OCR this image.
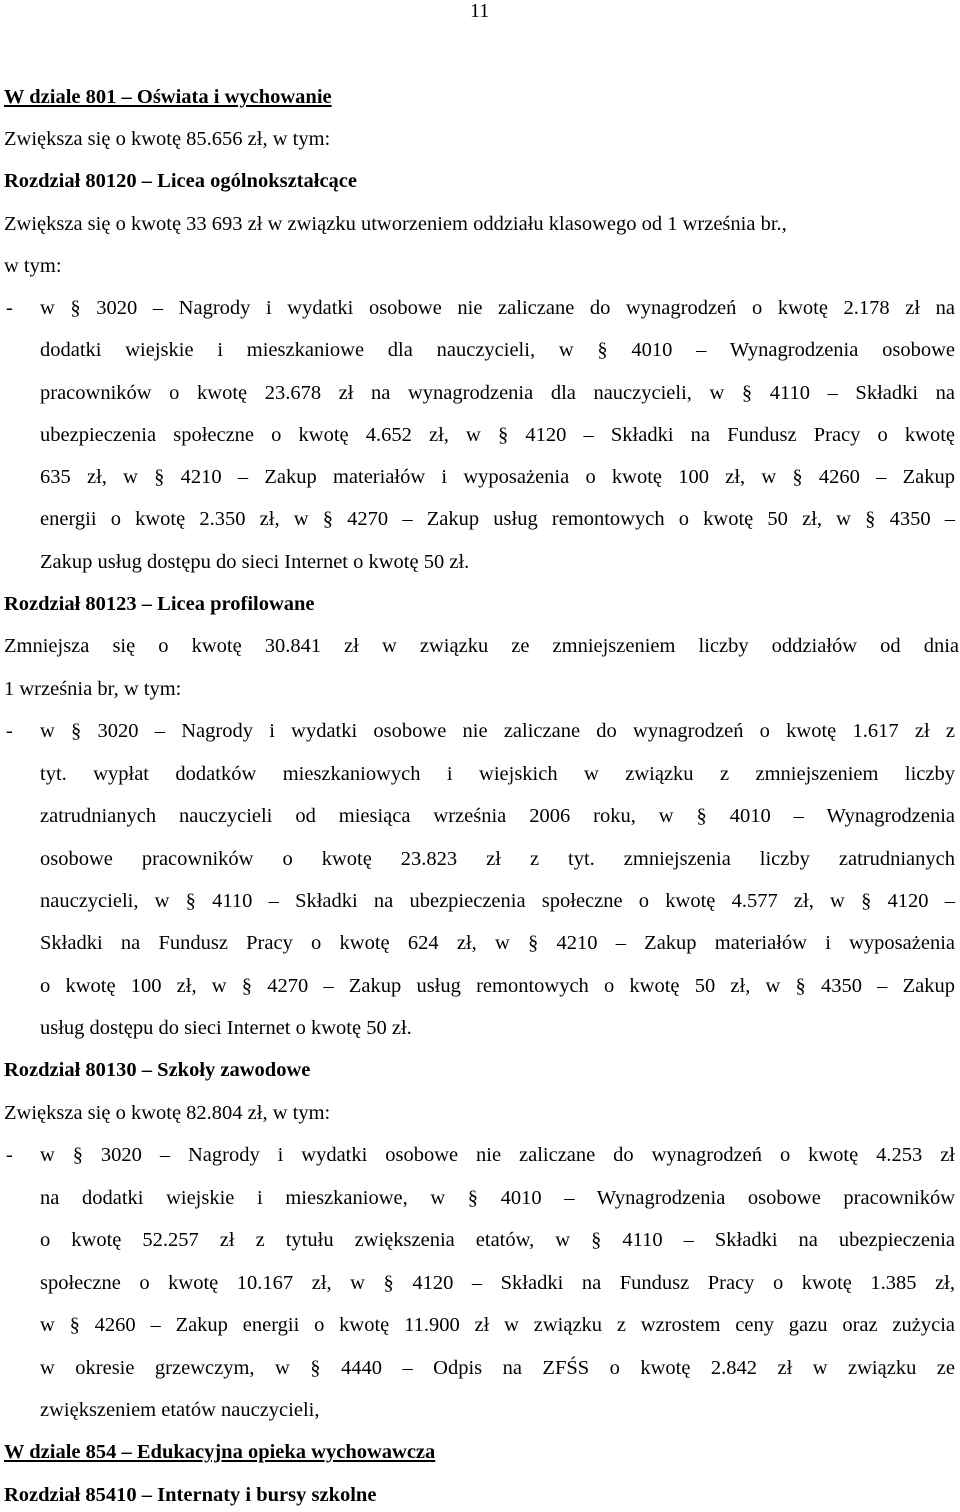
11
W dziale 801 – Oświata i wychowanie
Zwiększa się o kwotę 85.656 zł, w tym:
Rozdział 80120 – Licea ogólnokształcące
Zwiększa się o kwotę 33 693 zł w związku utworzeniem oddziału klasowego od 1 września br.,
w tym:
- w § 3020 – Nagrody i wydatki osobowe nie zaliczane do wynagrodzeń o kwotę 2.178 zł na
dodatki wiejskie i mieszkaniowe dla nauczycieli, w § 4010 – Wynagrodzenia osobowe
pracowników o kwotę 23.678 zł na wynagrodzenia dla nauczycieli, w § 4110 – Składki na
ubezpieczenia społeczne o kwotę 4.652 zł, w § 4120 – Składki na Fundusz Pracy o kwotę
635 zł, w § 4210 – Zakup materiałów i wyposażenia o kwotę 100 zł, w § 4260 – Zakup
energii o kwotę 2.350 zł, w § 4270 – Zakup usług remontowych o kwotę 50 zł, w § 4350 –
Zakup usług dostępu do sieci Internet o kwotę 50 zł.
Rozdział 80123 – Licea profilowane
Zmniejsza się o kwotę 30.841 zł w związku ze zmniejszeniem liczby oddziałów od dnia
1 września br, w tym:
- w § 3020 – Nagrody i wydatki osobowe nie zaliczane do wynagrodzeń o kwotę 1.617 zł z
tyt. wypłat dodatków mieszkaniowych i wiejskich w związku z zmniejszeniem liczby
zatrudnianych nauczycieli od miesiąca września 2006 roku, w § 4010 – Wynagrodzenia
osobowe pracowników o kwotę 23.823 zł z tyt. zmniejszenia liczby zatrudnianych
nauczycieli, w § 4110 – Składki na ubezpieczenia społeczne o kwotę 4.577 zł, w § 4120 –
Składki na Fundusz Pracy o kwotę 624 zł, w § 4210 – Zakup materiałów i wyposażenia
o kwotę 100 zł, w § 4270 – Zakup usług remontowych o kwotę 50 zł, w § 4350 – Zakup
usług dostępu do sieci Internet o kwotę 50 zł.
Rozdział 80130 – Szkoły zawodowe
Zwiększa się o kwotę 82.804 zł, w tym:
- w § 3020 – Nagrody i wydatki osobowe nie zaliczane do wynagrodzeń o kwotę 4.253 zł
na dodatki wiejskie i mieszkaniowe, w § 4010 – Wynagrodzenia osobowe pracowników
o kwotę 52.257 zł z tytułu zwiększenia etatów, w § 4110 – Składki na ubezpieczenia
społeczne o kwotę 10.167 zł, w § 4120 – Składki na Fundusz Pracy o kwotę 1.385 zł,
w § 4260 – Zakup energii o kwotę 11.900 zł w związku z wzrostem ceny gazu oraz zużycia
w okresie grzewczym, w § 4440 – Odpis na ZFŚS o kwotę 2.842 zł w związku ze
zwiększeniem etatów nauczycieli,
W dziale 854 – Edukacyjna opieka wychowawcza
Rozdział 85410 – Internaty i bursy szkolne
